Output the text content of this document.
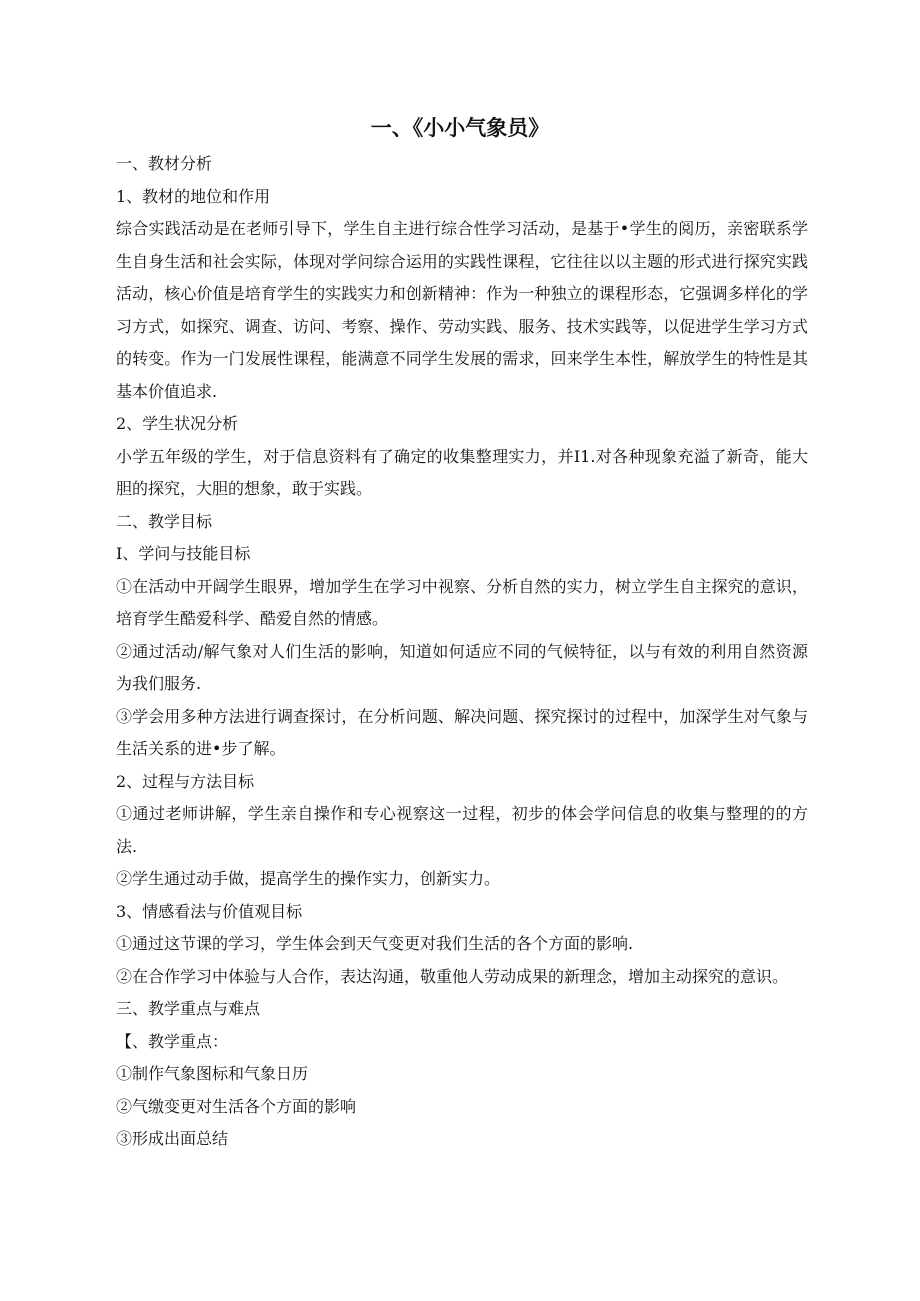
一、《小小气象员》

一、教材分析

1、教材的地位和作用

综合实践活动是在老师引导下，学生自主进行综合性学习活动，是基于•学生的阅历，亲密联系学生自身生活和社会实际，体现对学问综合运用的实践性课程，它往往以以主题的形式进行探究实践活动，核心价值是培育学生的实践实力和创新精神：作为一种独立的课程形态，它强调多样化的学习方式，如探究、调查、访问、考察、操作、劳动实践、服务、技术实践等，以促进学生学习方式的转变。作为一门发展性课程，能满意不同学生发展的需求，回来学生本性，解放学生的特性是其基本价值追求.

2、学生状况分析

小学五年级的学生，对于信息资料有了确定的收集整理实力，并I1.对各种现象充溢了新奇，能大胆的探究，大胆的想象，敢于实践。

二、教学目标

I、学问与技能目标

①在活动中开阔学生眼界，增加学生在学习中视察、分析自然的实力，树立学生自主探究的意识，培育学生酷爱科学、酷爱自然的情感。

②通过活动/解气象对人们生活的影响，知道如何适应不同的气候特征，以与有效的利用自然资源为我们服务.

③学会用多种方法进行调查探讨，在分析问题、解决问题、探究探讨的过程中，加深学生对气象与生活关系的进•步了解。

2、过程与方法目标

①通过老师讲解，学生亲自操作和专心视察这一过程，初步的体会学问信息的收集与整理的的方法.

②学生通过动手做，提高学生的操作实力，创新实力。

3、情感看法与价值观目标

①通过这节课的学习，学生体会到天气变更对我们生活的各个方面的影响.

②在合作学习中体验与人合作，表达沟通，敬重他人劳动成果的新理念，增加主动探究的意识。

三、教学重点与难点

【、教学重点：

①制作气象图标和气象日历

②气缴变更对生活各个方面的影响

③形成出面总结
